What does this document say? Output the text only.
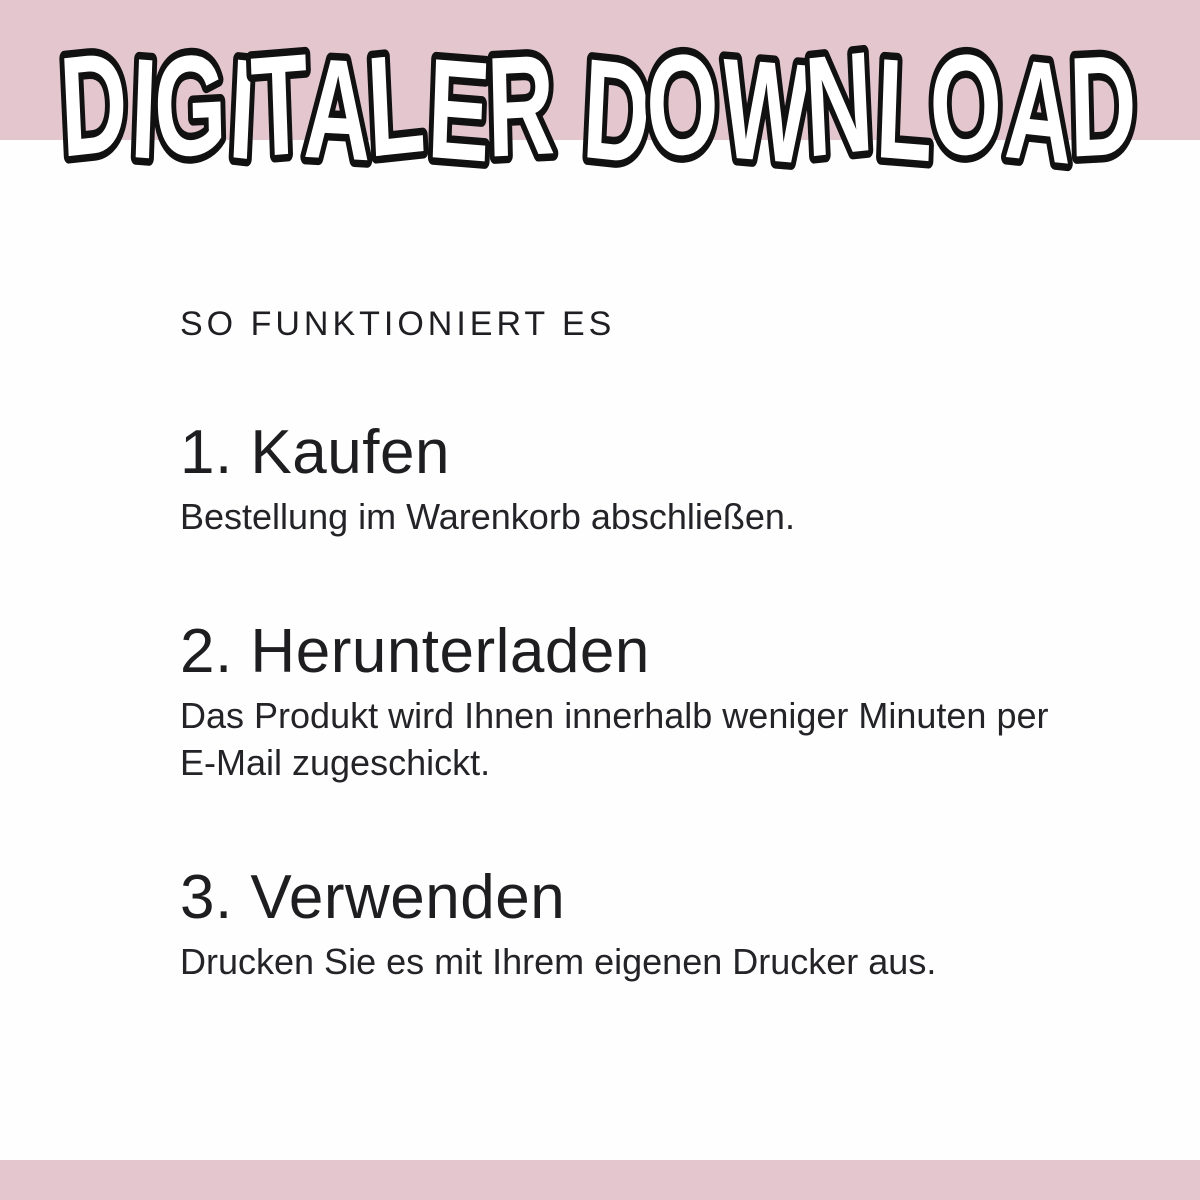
DIGITALER DOWNLOAD

SO FUNKTIONIERT ES

1. Kaufen

Bestellung im Warenkorb abschließen.

2. Herunterladen

Das Produkt wird Ihnen innerhalb weniger Minuten per E-Mail zugeschickt.

3. Verwenden

Drucken Sie es mit Ihrem eigenen Drucker aus.
